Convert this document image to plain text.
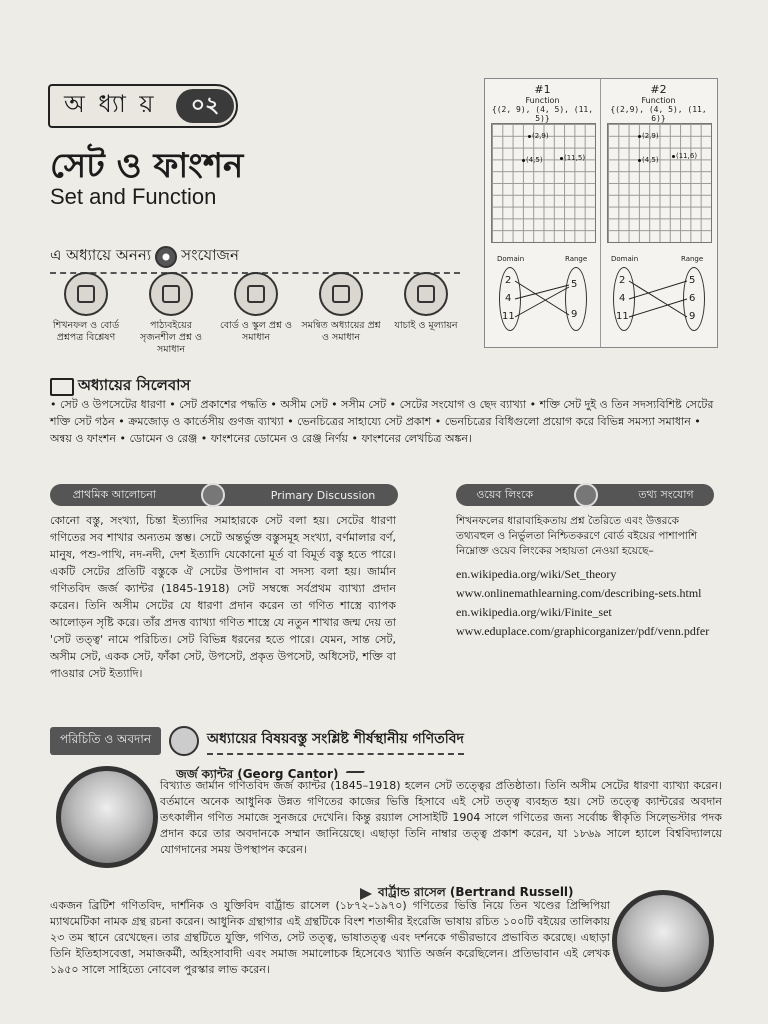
অ ধ্যা য়	০২
সেট ও ফাংশন
Set and Function
এ অধ্যায়ে অনন্য সংযোজন
শিখনফল ও বোর্ড প্রশ্নপত্র বিশ্লেষণ
পাঠ্যবইয়ের সৃজনশীল প্রশ্ন ও সমাধান
বোর্ড ও স্কুল প্রশ্ন ও সমাধান
সমন্বিত অধ্যায়ের প্রশ্ন ও সমাধান
যাচাই ও মূল্যায়ন
#1
Function
{(2, 9), (4, 5), (11, 5)}
(2,9)
(4,5)	(11,5)
Domain	Range
2
4
11
5
9
#2
Function
{(2,9), (4, 5), (11, 6)}
(2,9)
(4,5) (11,6)
Domain	Range
2
4
11
5
6
9
অধ্যায়ের সিলেবাস
• সেট ও উপসেটের ধারণা • সেট প্রকাশের পদ্ধতি • অসীম সেট • সসীম সেট • সেটের সংযোগ ও ছেদ ব্যাখ্যা • শক্তি সেট দুই ও তিন সদস্যবিশিষ্ট সেটের শক্তি সেট গঠন • ক্রমজোড় ও কার্তেসীয় গুণজ ব্যাখ্যা • ভেনচিত্রের সাহায্যে সেট প্রকাশ • ভেনচিত্রের বিধিগুলো প্রয়োগ করে বিভিন্ন সমস্যা সমাধান • অন্বয় ও ফাংশন • ডোমেন ও রেঞ্জ • ফাংশনের ডোমেন ও রেঞ্জ নির্ণয় • ফাংশনের লেখচিত্র অঙ্কন।
প্রাথমিক আলোচনা	Primary Discussion
কোনো বস্তু, সংখ্যা, চিন্তা ইত্যাদির সমাহারকে সেট বলা হয়। সেটের ধারণা গণিতের সব শাখার অন্যতম স্তম্ভ। সেটে অন্তর্ভুক্ত বস্তুসমূহ সংখ্যা, বর্ণমালার বর্ণ, মানুষ, পশু-পাখি, নদ-নদী, দেশ ইত্যাদি যেকোনো মূর্ত বা বিমূর্ত বস্তু হতে পারে। একটি সেটের প্রতিটি বস্তুকে ঐ সেটের উপাদান বা সদস্য বলা হয়। জার্মান গণিতবিদ জর্জ ক্যান্টর (1845-1918) সেট সম্বন্ধে সর্বপ্রথম ব্যাখ্যা প্রদান করেন। তিনি অসীম সেটের যে ধারণা প্রদান করেন তা গণিত শাস্ত্রে ব্যাপক আলোড়ন সৃষ্টি করে। তাঁর প্রদত্ত ব্যাখ্যা গণিত শাস্ত্রে যে নতুন শাখার জন্ম দেয় তা 'সেট তত্ত্ব' নামে পরিচিত। সেট বিভিন্ন ধরনের হতে পারে। যেমন, সান্ত সেট, অসীম সেট, একক সেট, ফাঁকা সেট, উপসেট, প্রকৃত উপসেট, অধিসেট, শক্তি বা পাওয়ার সেট ইত্যাদি।
ওয়েব লিংকে	তথ্য সংযোগ
শিখনফলের ধারাবাহিকতায় প্রশ্ন তৈরিতে এবং উত্তরকে তথ্যবহুল ও নির্ভুলতা নিশ্চিতকরণে বোর্ড বইয়ের পাশাপাশি নিম্নোক্ত ওয়েব লিংকের সহায়তা নেওয়া হয়েছে–
en.wikipedia.org/wiki/Set_theory
www.onlinemathlearning.com/describing-sets.html
en.wikipedia.org/wiki/Finite_set
www.eduplace.com/graphicorganizer/pdf/venn.pdfer
পরিচিতি ও অবদান	অধ্যায়ের বিষয়বস্তু সংশ্লিষ্ট শীর্ষস্থানীয় গণিতবিদ
জর্জ ক্যান্টর (Georg Cantor)
বিখ্যাত জার্মান গণিতবিদ জর্জ ক্যান্টর (1845–1918) হলেন সেট তত্ত্বের প্রতিষ্ঠাতা। তিনি অসীম সেটের ধারণা ব্যাখ্যা করেন। বর্তমানে অনেক আধুনিক উন্নত গণিতের কাজের ভিত্তি হিসাবে এই সেট তত্ত্ব ব্যবহৃত হয়। সেট তত্ত্বে ক্যান্টরের অবদান তৎকালীন গণিত সমাজে সুনজরে দেখেনি। কিন্তু রয়্যাল সোসাইটি 1904 সালে গণিতের জন্য সর্বোচ্চ স্বীকৃতি সিল্ভেস্টার পদক প্রদান করে তার অবদানকে সম্মান জানিয়েছে। এছাড়া তিনি নাম্বার তত্ত্ব প্রকাশ করেন, যা ১৮৬৯ সালে হ্যালে বিশ্ববিদ্যালয়ে যোগদানের সময় উপস্থাপন করেন।
বার্ট্রান্ড রাসেল (Bertrand Russell)
একজন ব্রিটিশ গণিতবিদ, দার্শনিক ও যুক্তিবিদ বার্ট্রান্ড রাসেল (১৮৭২–১৯৭০) গণিতের ভিত্তি নিয়ে তিন খণ্ডের প্রিন্সিপিয়া ম্যাথমেটিকা নামক গ্রন্থ রচনা করেন। আধুনিক গ্রন্থাগার এই গ্রন্থটিকে বিংশ শতাব্দীর ইংরেজি ভাষায় রচিত ১০০টি বইয়ের তালিকায় ২৩ তম স্থানে রেখেছেন। তার গ্রন্থটিতে যুক্তি, গণিত, সেট তত্ত্ব, ভাষাতত্ত্ব এবং দর্শনকে গভীরভাবে প্রভাবিত করেছে। এছাড়া তিনি ইতিহাসবেত্তা, সমাজকর্মী, অহিংসাবাদী এবং সমাজ সমালোচক হিসেবেও খ্যাতি অর্জন করেছিলেন। প্রতিভাবান এই লেখক ১৯৫০ সালে সাহিত্যে নোবেল পুরস্কার লাভ করেন।
